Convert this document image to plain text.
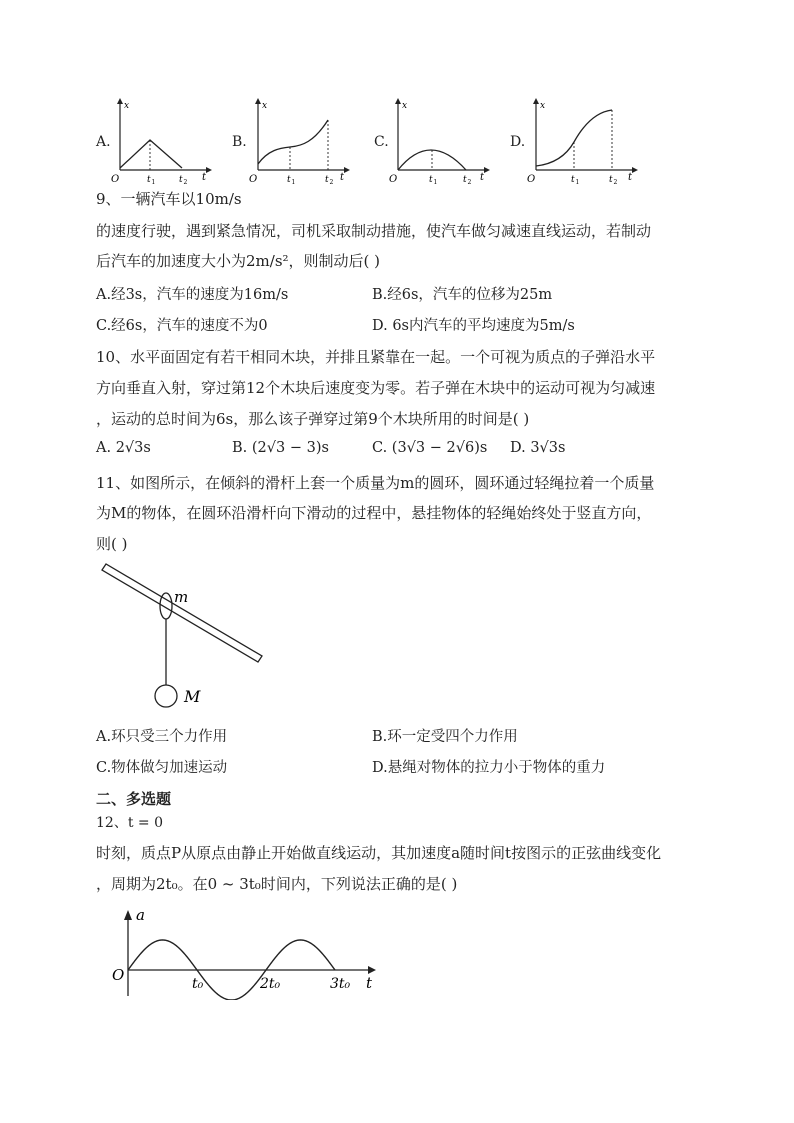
A.
x
t
O	t 1	t 2
B.
x
t
O	t 1	t 2
C.
x
t
O	t 1	t 2
D.
x
t
O	t 1	t 2
9、一辆汽车以10m/s
的速度行驶，遇到紧急情况，司机采取制动措施，使汽车做匀减速直线运动，若制动
后汽车的加速度大小为2m/s²，则制动后( )
A.经3s，汽车的速度为16m/s	B.经6s，汽车的位移为25m
C.经6s，汽车的速度不为0	D. 6s内汽车的平均速度为5m/s
10、水平面固定有若干相同木块，并排且紧靠在一起。一个可视为质点的子弹沿水平
方向垂直入射，穿过第12个木块后速度变为零。若子弹在木块中的运动可视为匀减速
，运动的总时间为6s，那么该子弹穿过第9个木块所用的时间是( )
A. 2√3s	B. (2√3 − 3)s	C. (3√3 − 2√6)s D. 3√3s
11、如图所示，在倾斜的滑杆上套一个质量为m的圆环，圆环通过轻绳拉着一个质量
为M的物体，在圆环沿滑杆向下滑动的过程中，悬挂物体的轻绳始终处于竖直方向，
则( )
m
M
A.环只受三个力作用	B.环一定受四个力作用
C.物体做匀加速运动	D.悬绳对物体的拉力小于物体的重力
二、多选题
12、t = 0
时刻，质点P从原点由静止开始做直线运动，其加速度a随时间t按图示的正弦曲线变化
，周期为2t₀。在0 ~ 3t₀时间内，下列说法正确的是( )
a
t
O	t₀	2t₀	3t₀
